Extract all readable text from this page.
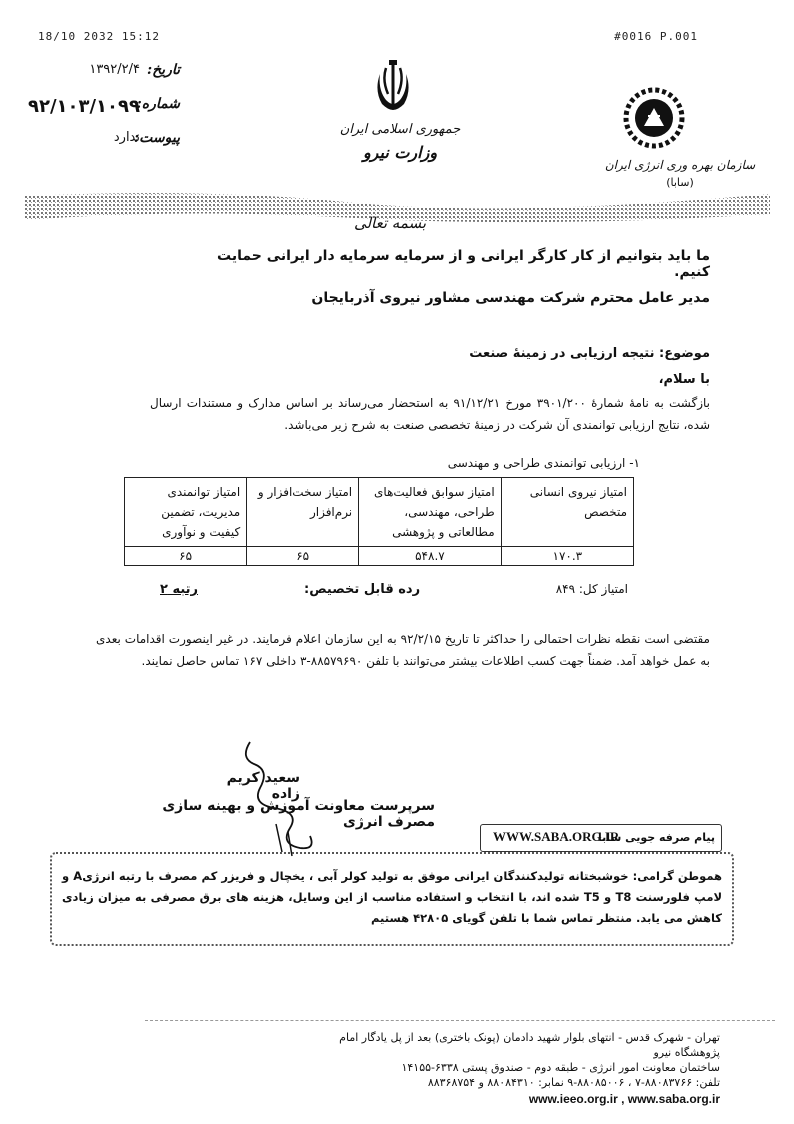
18/10 2032 15:12	#0016 P.001
تاریخ:
۱۳۹۲/۲/۴
شماره:
۹۲/۱۰۳/۱۰۹۹
پیوست:
ندارد
جمهوری اسلامی ایران
وزارت نیرو
سازمان بهره وری انرژی ایران
(سابا)
بسمه تعالی
ما باید بتوانیم از کار کارگر ایرانی و از سرمایه سرمایه دار ایرانی حمایت کنیم.
مدیر عامل محترم شرکت مهندسی مشاور نیروی آذربایجان
موضوع: نتیجه ارزیابی در زمینهٔ صنعت
با سلام،
بازگشت به نامهٔ شمارهٔ ۳۹۰۱/۲۰۰ مورخ ۹۱/۱۲/۲۱ به استحضار می‌رساند بر اساس مدارک و مستندات ارسال شده، نتایج ارزیابی توانمندی آن شرکت در زمینهٔ تخصصی صنعت به شرح زیر می‌باشد.
۱- ارزیابی توانمندی طراحی و مهندسی
امتیاز نیروی انسانی متخصص	امتیاز سوابق فعالیت‌های طراحی، مهندسی، مطالعاتی و پژوهشی	امتیاز سخت‌افزار و نرم‌افزار	امتیاز توانمندی مدیریت، تضمین کیفیت و نوآوری
۱۷۰.۳	۵۴۸.۷	۶۵	۶۵
امتیاز کل: ۸۴۹
رده قابل تخصیص:
رتبه ۲
مقتضی است نقطه نظرات احتمالی را حداکثر تا تاریخ ۹۲/۲/۱۵ به این سازمان اعلام فرمایند. در غیر اینصورت اقدامات بعدی به عمل خواهد آمد. ضمناً جهت کسب اطلاعات بیشتر می‌توانند با تلفن ۸۸۵۷۹۶۹۰-۳ داخلی ۱۶۷ تماس حاصل نمایند.
سعید کریم زاده
سرپرست معاونت آموزش و بهینه سازی مصرف انرژی
پیام صرفه جویی سابا
WWW.SABA.ORG.IR
هموطن گرامی: خوشبختانه تولیدکنندگان ایرانی موفق به تولید کولر آبی ، یخچال و فریزر کم مصرف با رتبه انرژیA و لامپ فلورسنت T8 و T5 شده اند، با انتخاب و استفاده مناسب از این وسایل، هزینه های برق مصرفی به میزان زیادی کاهش می یابد. منتظر تماس شما با تلفن گویای ۴۲۸۰۵ هستیم
تهران - شهرک قدس - انتهای بلوار شهید دادمان (پونک باختری) بعد از پل یادگار امام پژوهشگاه نیرو
ساختمان معاونت امور انرژی - طبقه دوم - صندوق پستی ۶۳۳۸-۱۴۱۵۵
تلفن: ۸۸۰۸۳۷۶۶-۷ ، ۸۸۰۸۵۰۰۶-۹ نمابر: ۸۸۰۸۴۳۱۰ و ۸۸۳۶۸۷۵۴
www.ieeo.org.ir , www.saba.org.ir
